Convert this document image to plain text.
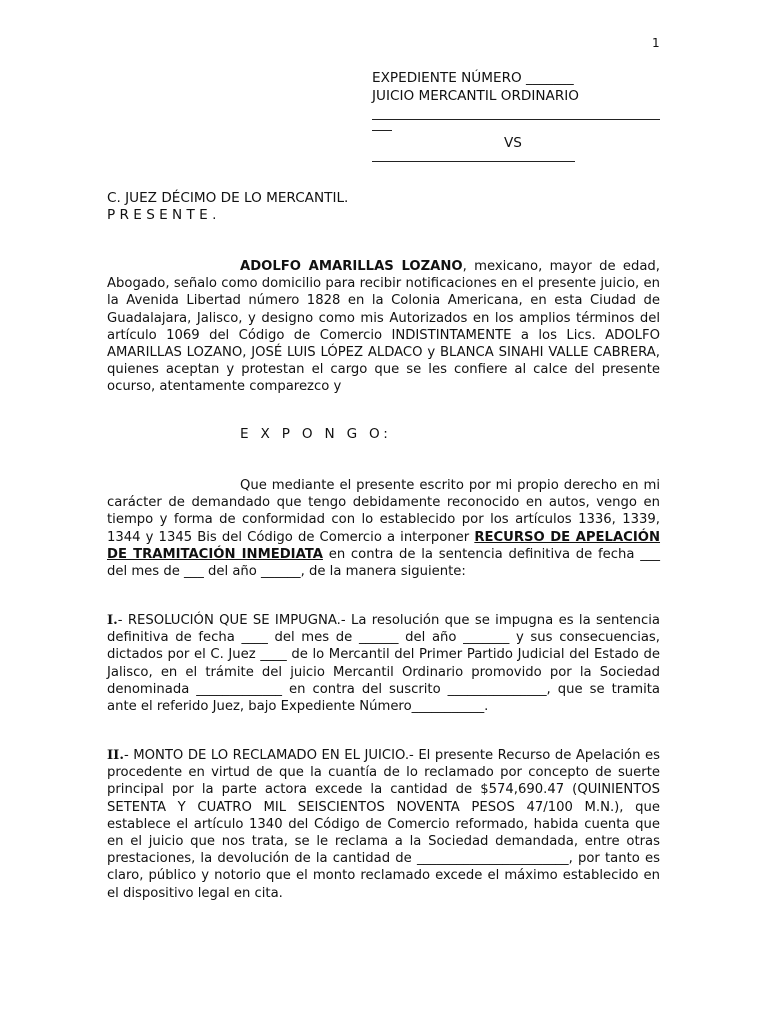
1
EXPEDIENTE NÚMERO _______
JUICIO MERCANTIL ORDINARIO
VS
C. JUEZ DÉCIMO DE LO MERCANTIL.
P R E S E N T E .

ADOLFO AMARILLAS LOZANO, mexicano, mayor de edad, Abogado, señalo como domicilio para recibir notificaciones en el presente juicio, en la Avenida Libertad número 1828 en la Colonia Americana, en esta Ciudad de Guadalajara, Jalisco, y designo como mis Autorizados en los amplios términos del artículo 1069 del Código de Comercio INDISTINTAMENTE a los Lics. ADOLFO AMARILLAS LOZANO, JOSÉ LUIS LÓPEZ ALDACO y BLANCA SINAHI VALLE CABRERA, quienes aceptan y protestan el cargo que se les confiere al calce del presente ocurso, atentamente comparezco y

E X P O N G O:

Que mediante el presente escrito por mi propio derecho en mi carácter de demandado que tengo debidamente reconocido en autos, vengo en tiempo y forma de conformidad con lo establecido por los artículos 1336, 1339, 1344 y 1345 Bis del Código de Comercio a interponer RECURSO DE APELACIÓN DE TRAMITACIÓN INMEDIATA en contra de la sentencia definitiva de fecha ___ del mes de ___ del año ______, de la manera siguiente:

I.- RESOLUCIÓN QUE SE IMPUGNA.- La resolución que se impugna es la sentencia definitiva de fecha ____ del mes de ______ del año _______ y sus consecuencias, dictados por el C. Juez ____ de lo Mercantil del Primer Partido Judicial del Estado de Jalisco, en el trámite del juicio Mercantil Ordinario promovido por la Sociedad denominada _____________ en contra del suscrito _______________, que se tramita ante el referido Juez, bajo Expediente Número___________.

II.- MONTO DE LO RECLAMADO EN EL JUICIO.- El presente Recurso de Apelación es procedente en virtud de que la cuantía de lo reclamado por concepto de suerte principal por la parte actora excede la cantidad de $574,690.47 (QUINIENTOS SETENTA Y CUATRO MIL SEISCIENTOS NOVENTA PESOS 47/100 M.N.), que establece el artículo 1340 del Código de Comercio reformado, habida cuenta que en el juicio que nos trata, se le reclama a la Sociedad demandada, entre otras prestaciones, la devolución de la cantidad de _______________________, por tanto es claro, público y notorio que el monto reclamado excede el máximo establecido en el dispositivo legal en cita.
